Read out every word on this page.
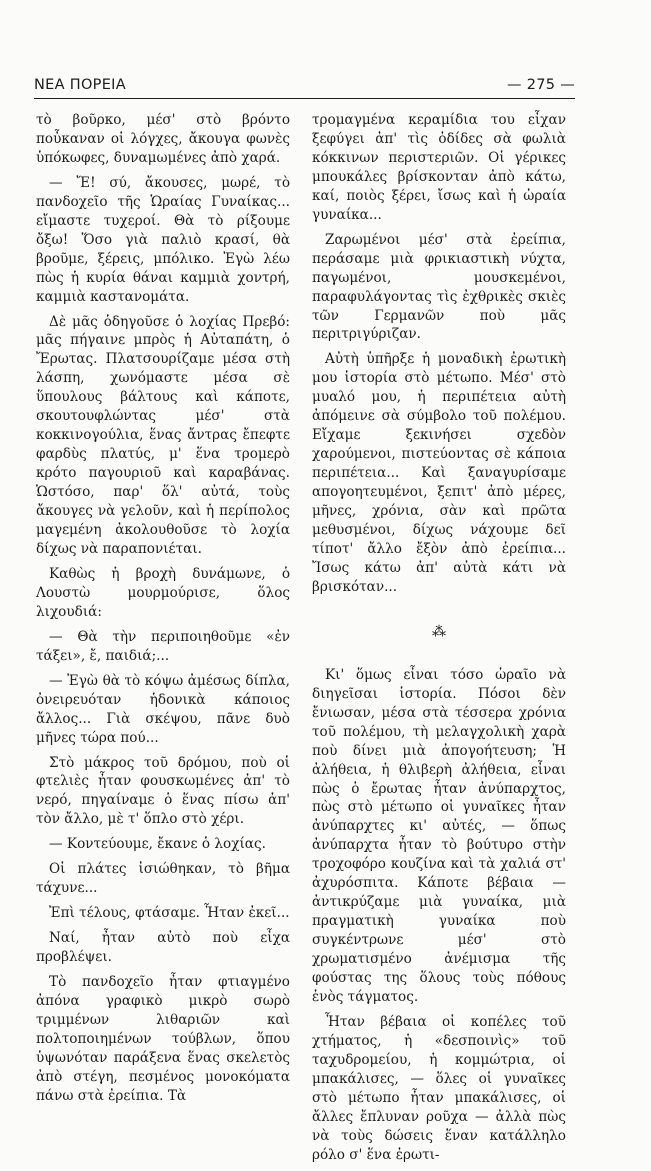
ΝΕΑ ΠΟΡΕΙΑ	— 275 —

τὸ βοῦρκο, μέσ' στὸ βρόντο ποὖκαναν οἱ λόγχες, ἄκουγα φωνὲς ὑπόκωφες, δυναμωμένες ἀπὸ χαρά.

— Ἔ! σύ, ἄκουσες, μωρέ, τὸ πανδοχεῖο τῆς Ὡραίας Γυναίκας... εἴμαστε τυχεροί. Θὰ τὸ ρίξουμε ὄξω! Ὅσο γιὰ παλιὸ κρασί, θὰ βροῦμε, ξέρεις, μπόλικο. Ἐγὼ λέω πὼς ἡ κυρία θάναι καμμιὰ χοντρή, καμμιὰ καστανομάτα.

Δὲ μᾶς ὁδηγοῦσε ὁ λοχίας Πρεβό: μᾶς πήγαινε μπρὸς ἡ Αὐταπάτη, ὁ Ἔρωτας. Πλατσουρίζαμε μέσα στὴ λάσπη, χωνόμαστε μέσα σὲ ὕπουλους βάλτους καὶ κάποτε, σκουτουφλώντας μέσ' στὰ κοκκινογούλια, ἕνας ἄντρας ἔπεφτε φαρδὺς πλατύς, μ' ἕνα τρομερὸ κρότο παγουριοῦ καὶ καραβάνας. Ὡστόσο, παρ' ὅλ' αὐτά, τοὺς ἄκουγες νὰ γελοῦν, καὶ ἡ περίπολος μαγεμένη ἀκολουθοῦσε τὸ λοχία δίχως νὰ παραπονιέται.

Καθὼς ἡ βροχὴ δυνάμωνε, ὁ Λουστὼ μουρμούρισε, ὅλος λιχουδιά:

— Θὰ τὴν περιποιηθοῦμε «ἐν τάξει», ἔ, παιδιά;...

— Ἐγὼ θὰ τὸ κόψω ἀμέσως δίπλα, ὀνειρευόταν ἡδονικὰ κάποιος ἄλλος... Γιὰ σκέψου, πᾶνε δυὸ μῆνες τώρα πού...

Στὸ μάκρος τοῦ δρόμου, ποὺ οἱ φτελιὲς ἦταν φουσκωμένες ἀπ' τὸ νερό, πηγαίναμε ὁ ἕνας πίσω ἀπ' τὸν ἄλλο, μὲ τ' ὅπλο στὸ χέρι.

— Κοντεύουμε, ἔκανε ὁ λοχίας.

Οἱ πλάτες ἰσιώθηκαν, τὸ βῆμα τάχυνε...

Ἐπὶ τέλους, φτάσαμε. Ἦταν ἐκεῖ...

Ναί, ἦταν αὐτὸ ποὺ εἶχα προβλέψει.

Τὸ πανδοχεῖο ἦταν φτιαγμένο ἀπόνα γραφικὸ μικρὸ σωρὸ τριμμένων λιθαριῶν καὶ πολτοποιημένων τούβλων, ὅπου ὑψωνόταν παράξενα ἕνας σκελετὸς ἀπὸ στέγη, πεσμένος μονοκόματα πάνω στὰ ἐρείπια. Τὰ

τρομαγμένα κεραμίδια του εἶχαν ξεφύγει ἀπ' τὶς ὁδίδες σὰ φωλιὰ κόκκινων περιστεριῶν. Οἱ γέρικες μπουκάλες βρίσκονταν ἀπὸ κάτω, καί, ποιὸς ξέρει, ἴσως καὶ ἡ ὡραία γυναίκα...

Ζαρωμένοι μέσ' στὰ ἐρείπια, περάσαμε μιὰ φρικιαστικὴ νύχτα, παγωμένοι, μουσκεμένοι, παραφυλάγοντας τὶς ἐχθρικὲς σκιὲς τῶν Γερμανῶν ποὺ μᾶς περιτριγύριζαν.

Αὐτὴ ὑπῆρξε ἡ μοναδικὴ ἐρωτικὴ μου ἱστορία στὸ μέτωπο. Μέσ' στὸ μυαλό μου, ἡ περιπέτεια αὐτὴ ἀπόμεινε σὰ σύμβολο τοῦ πολέμου. Εἴχαμε ξεκινήσει σχεδὸν χαρούμενοι, πιστεύοντας σὲ κάποια περιπέτεια... Καὶ ξαναγυρίσαμε απογοητευμένοι, ξεπιτ' ἀπὸ μέρες, μῆνες, χρόνια, σὰν καὶ πρῶτα μεθυσμένοι, δίχως νάχουμε δεῖ τίποτ' ἄλλο ἔξὸν ἀπὸ ἐρείπια... Ἴσως κάτω ἀπ' αὐτὰ κάτι νὰ βρισκόταν...

⁂

Κι' ὅμως εἶναι τόσο ὡραῖο νὰ διηγεῖσαι ἱστορία. Πόσοι δὲν ἔνιωσαν, μέσα στὰ τέσσερα χρόνια τοῦ πολέμου, τὴ μελαγχολικὴ χαρὰ ποὺ δίνει μιὰ ἀπογοήτευση; Ἡ ἀλήθεια, ἡ θλιβερὴ ἀλήθεια, εἶναι πὼς ὁ ἔρωτας ἦταν ἀνύπαρχτος, πὼς στὸ μέτωπο οἱ γυναῖκες ἦταν ἀνύπαρχτες κι' αὐτές, — ὅπως ἀνύπαρχτα ἦταν τὸ βούτυρο στὴν τροχοφόρο κουζίνα καὶ τὰ χαλιά στ' ἀχυρόσπιτα. Κάποτε βέβαια — ἀντικρύζαμε μιὰ γυναίκα, μιὰ πραγματικὴ γυναίκα ποὺ συγκέντρωνε μέσ' στὸ χρωματισμένο ἀνέμισμα τῆς φούστας της ὅλους τοὺς πόθους ἑνὸς τάγματος.

Ἦταν βέβαια οἱ κοπέλες τοῦ χτήματος, ἡ «δεσποινὶς» τοῦ ταχυδρομείου, ἡ κομμώτρια, οἱ μπακάλισες, — ὅλες οἱ γυναῖκες στὸ μέτωπο ἦταν μπακάλισες, οἱ ἄλλες ἔπλυναν ροῦχα — ἀλλὰ πὼς νὰ τοὺς δώσεις ἕναν κατάλληλο ρόλο σ' ἕνα ἐρωτι-
